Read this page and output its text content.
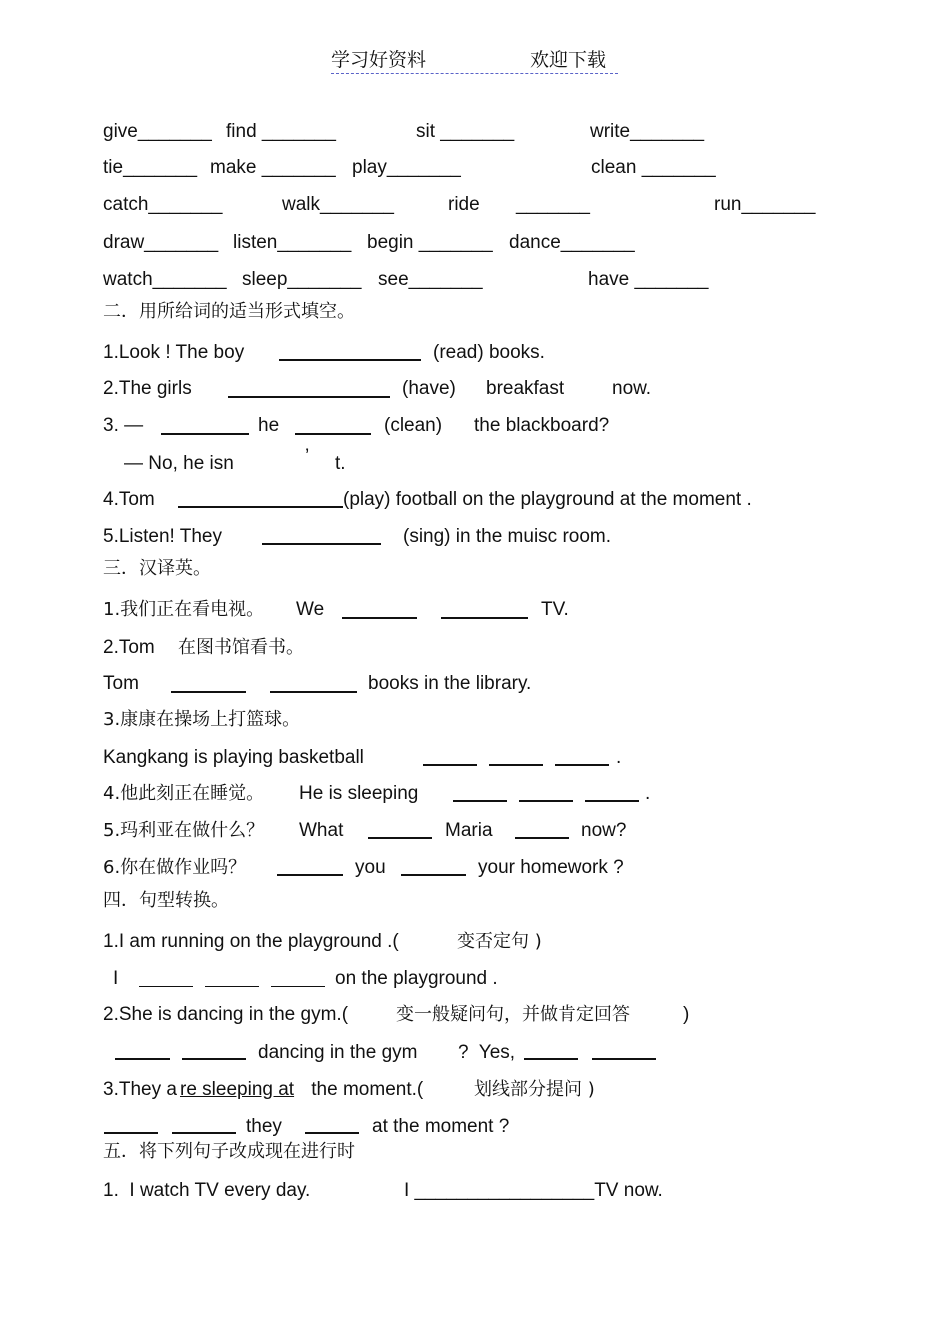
学习好资料	欢迎下载
give_______ find _______	sit _______	write_______
tie_______ make _______ play_______	clean _______
catch_______	walk_______	ride _______	run_______
draw_______ listen_______ begin _______ dance_______
watch_______ sleep_______ see_______	have _______
二．用所给词的适当形式填空。
1.Look ! The boy	(read) books.
2.The girls	(have) breakfast	now.
3. —	he	(clean) the blackboard?
— No, he isn	’ t.
4.Tom	(play) football on the playground at the moment .
5.Listen! They	(sing) in the muisc room.
三．汉译英。
1.我们正在看电视。 We	TV.
2.Tom 在图书馆看书。
Tom	books in the library.
3.康康在操场上打篮球。
Kangkang is playing basketball	.
4.他此刻正在睡觉。 He is sleeping	.
5.玛利亚在做什么？ What	Maria	now?
6.你在做作业吗？	you	your homework ?
四．句型转换。
1.I am running on the playground .(	变否定句 )
I	on the playground .
2.She is dancing in the gym.(	变一般疑问句，并做肯定回答	)
dancing in the gym ?  Yes,
3.They a re sleeping at the moment.(	划线部分提问 )
they	at the moment ?
五．将下列句子改成现在进行时
1.  I watch TV every day.	I _________________TV now.
